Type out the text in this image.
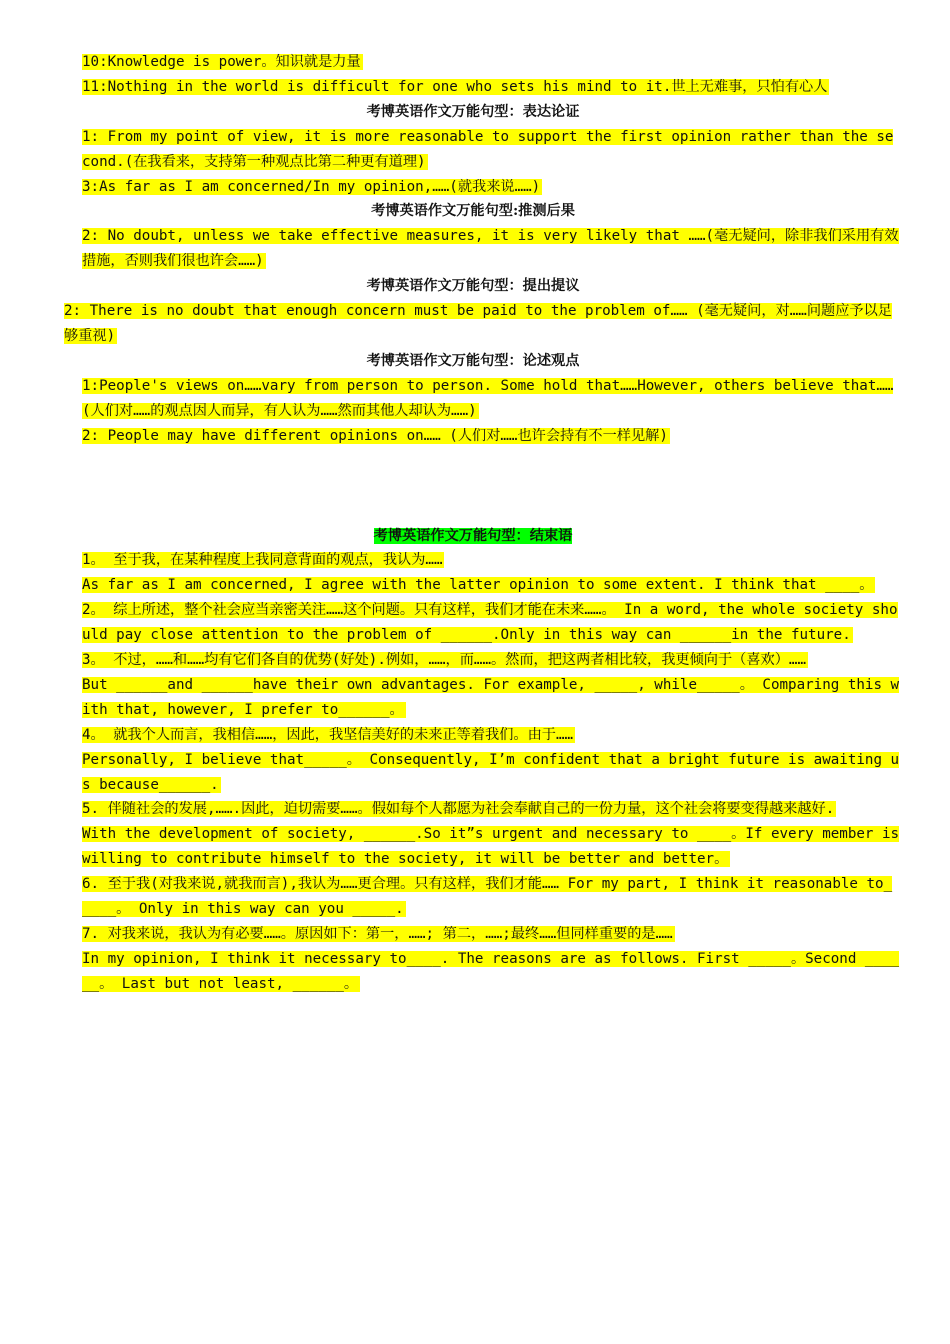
10:Knowledge is power。知识就是力量

11:Nothing in the world is difficult for one who sets his mind to it.世上无难事，只怕有心人

考博英语作文万能句型：表达论证

1: From my point of view, it is more reasonable to support the first opinion rather than the second.(在我看来，支持第一种观点比第二种更有道理)

3:As far as I am concerned/In my opinion,……(就我来说……)

考博英语作文万能句型:推测后果

2: No doubt, unless we take effective measures, it is very likely that ……(毫无疑问，除非我们采用有效措施，否则我们很也许会……)

考博英语作文万能句型：提出提议

2: There is no doubt that enough concern must be paid to the problem of…… (毫无疑问，对……问题应予以足够重视)

考博英语作文万能句型：论述观点

1:People's views on……vary from person to person. Some hold that……However, others believe that……(人们对……的观点因人而异，有人认为……然而其他人却认为……)

2: People may have different opinions on…… (人们对……也许会持有不一样见解)

考博英语作文万能句型：结束语

1。 至于我，在某种程度上我同意背面的观点，我认为……

As far as I am concerned, I agree with the latter opinion to some extent. I think that ____。

2。 综上所述，整个社会应当亲密关注……这个问题。只有这样，我们才能在未来……。 In a word, the whole society should pay close attention to the problem of ______.Only in this way can ______in the future.

3。 不过，……和……均有它们各自的优势(好处).例如，……，而……。然而，把这两者相比较，我更倾向于（喜欢）……

But ______and ______have their own advantages. For example, _____, while_____。 Comparing this with that, however, I prefer to______。

4。 就我个人而言，我相信……，因此，我坚信美好的未来正等着我们。由于……

Personally, I believe that_____。 Consequently, I’m confident that a bright future is awaiting us because______.

5. 伴随社会的发展,…….因此，迫切需要……。假如每个人都愿为社会奉献自己的一份力量，这个社会将要变得越来越好.

With the development of society, ______.So it”s urgent and necessary to ____。If every member is willing to contribute himself to the society, it will be better and better。

6. 至于我(对我来说,就我而言),我认为……更合理。只有这样，我们才能…… For my part, I think it reasonable to_____。 Only in this way can you _____.

7. 对我来说，我认为有必要……。原因如下：第一，……; 第二，……;最终……但同样重要的是……

In my opinion, I think it necessary to____. The reasons are as follows. First _____。Second ______。 Last but not least, ______。
